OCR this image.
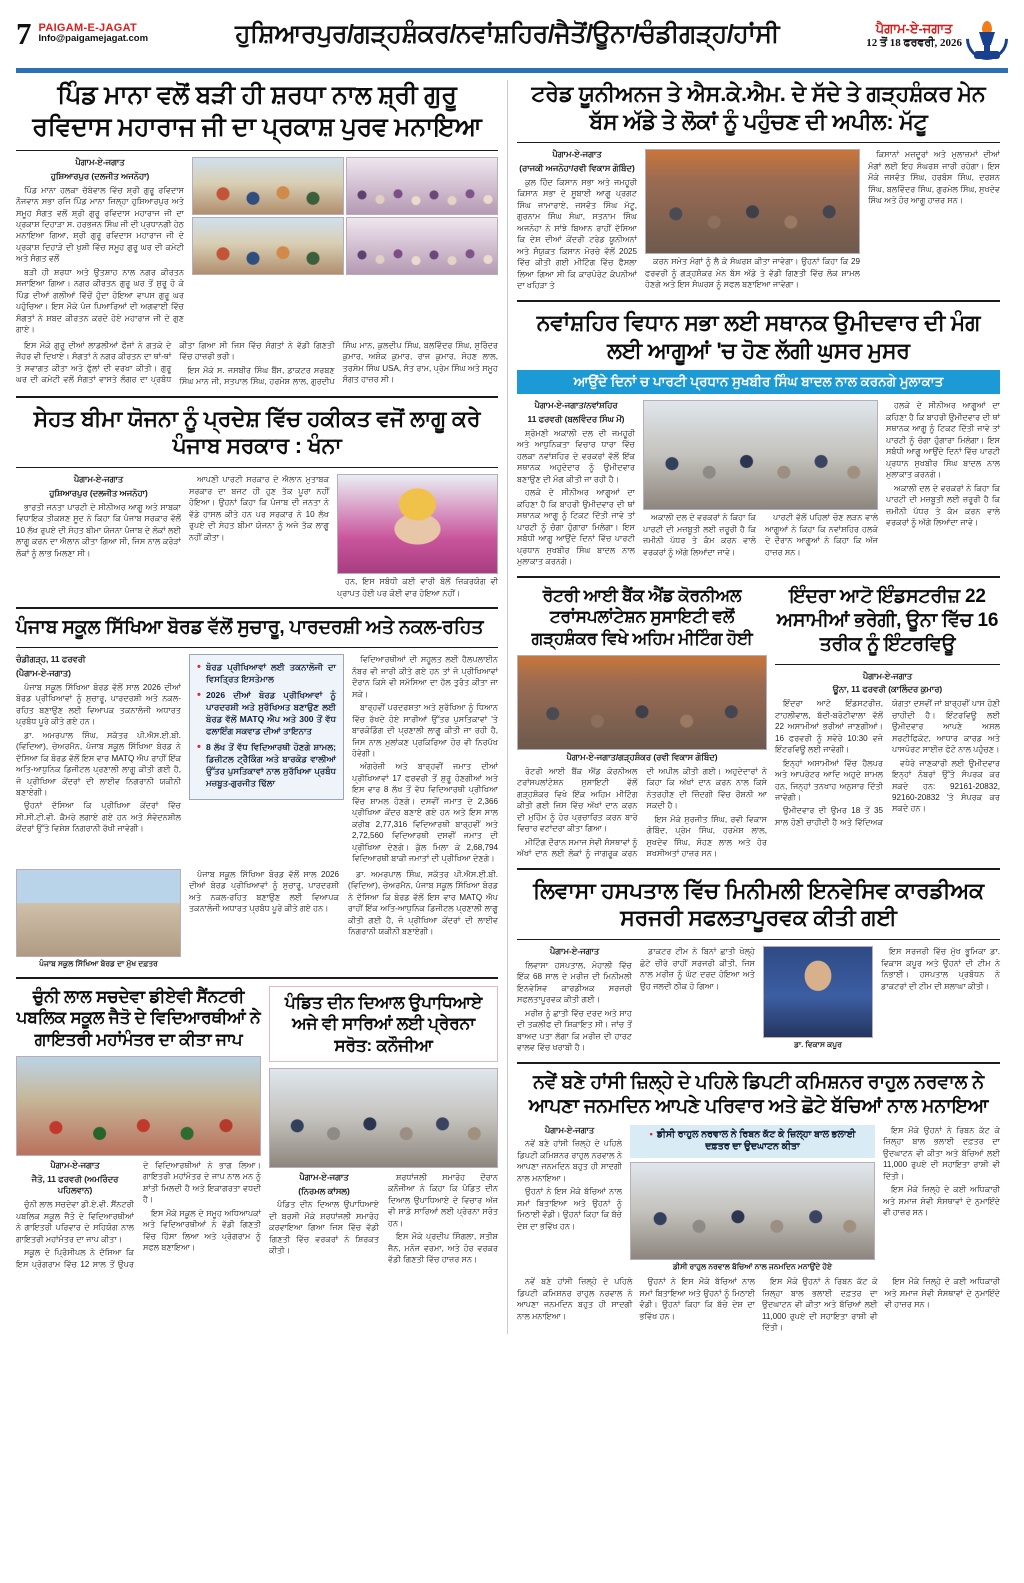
7 PAIGAM-E-JAGAT
Info@paigamejagat.com	ਹੁਸ਼ਿਆਰਪੁਰ/ਗੜ੍ਹਸ਼ੰਕਰ/ਨਵਾਂਸ਼ਹਿਰ/ਜੈਤੋਂ/ਊਨਾ/ਚੰਡੀਗੜ੍ਹ/ਹਾਂਸੀ	ਪੈਗਾਮ-ਏ-ਜਗਾਤ
12 ਤੋਂ 18 ਫਰਵਰੀ, 2026
ਪਿੰਡ ਮਾਨਾ ਵਲੋਂ ਬੜੀ ਹੀ ਸ਼ਰਧਾ ਨਾਲ ਸ਼੍ਰੀ ਗੁਰੂ ਰਵਿਦਾਸ ਮਹਾਰਾਜ ਜੀ ਦਾ ਪ੍ਰਕਾਸ਼ ਪੁਰਵ ਮਨਾਇਆ
ਪੈਗਾਮ-ਏ-ਜਗਾਤ
ਹੁਸ਼ਿਆਰਪੁਰ (ਦਲਜੀਤ ਅਜਨੋਹਾ)

ਪਿੰਡ ਮਾਨਾ ਹਲਕਾ ਚੱਬੇਵਾਲ ਵਿੱਚ ਸ਼੍ਰੀ ਗੁਰੂ ਰਵਿਦਾਸ ਨੌਜਵਾਨ ਸਭਾ ਰਜਿ ਪਿੰਡ ਮਾਨਾ ਜਿਲ੍ਹਾ ਹੁਸ਼ਿਆਰਪੁਰ ਅਤੇ ਸਮੂਹ ਸੰਗਤ ਵਲੋਂ ਸ਼੍ਰੀ ਗੁਰੂ ਰਵਿਦਾਸ ਮਹਾਰਾਜ ਜੀ ਦਾ ਪ੍ਰਕਾਸ਼ ਦਿਹਾੜਾ ਸ. ਹਰਭਜਨ ਸਿੰਘ ਜੀ ਦੀ ਪ੍ਰਧਾਨਗੀ ਹੇਠ ਮਨਾਇਆ ਗਿਆ, ਸ਼੍ਰੀ ਗੁਰੂ ਰਵਿਦਾਸ ਮਹਾਰਾਜ ਜੀ ਦੇ ਪ੍ਰਕਾਸ਼ ਦਿਹਾੜੇ ਦੀ ਖੁਸ਼ੀ ਵਿੱਚ ਸਮੂਹ ਗੁਰੂ ਘਰ ਦੀ ਕਮੇਟੀ ਅਤੇ ਸੰਗਤ ਵਲੋਂ

ਬੜੀ ਹੀ ਸ਼ਰਧਾ ਅਤੇ ਉਤਸ਼ਾਹ ਨਾਲ ਨਗਰ ਕੀਰਤਨ ਸਜਾਇਆ ਗਿਆ। ਨਗਰ ਕੀਰਤਨ ਗੁਰੂ ਘਰ ਤੋਂ ਸ਼ੁਰੂ ਹੋ ਕੇ ਪਿੰਡ ਦੀਆਂ ਗਲੀਆਂ ਵਿੱਚੋਂ ਹੁੰਦਾ ਹੋਇਆ ਵਾਪਸ ਗੁਰੂ ਘਰ ਪਹੁੰਚਿਆ। ਇਸ ਮੌਕੇ ਪੰਜ ਪਿਆਰਿਆਂ ਦੀ ਅਗਵਾਈ ਵਿੱਚ ਸੰਗਤਾਂ ਨੇ ਸ਼ਬਦ ਕੀਰਤਨ ਕਰਦੇ ਹੋਏ ਮਹਾਰਾਜ ਜੀ ਦੇ ਗੁਣ ਗਾਏ।

ਇਸ ਮੌਕੇ ਗੁਰੂ ਦੀਆਂ ਲਾਡਲੀਆਂ ਫੌਜਾਂ ਨੇ ਗਤਕੇ ਦੇ ਜੌਹਰ ਵੀ ਦਿਖਾਏ। ਸੰਗਤਾਂ ਨੇ ਨਗਰ ਕੀਰਤਨ ਦਾ ਥਾਂ-ਥਾਂ ਤੇ ਸਵਾਗਤ ਕੀਤਾ ਅਤੇ ਫੁੱਲਾਂ ਦੀ ਵਰਖਾ ਕੀਤੀ। ਗੁਰੂ ਘਰ ਦੀ ਕਮੇਟੀ ਵਲੋਂ ਸੰਗਤਾਂ ਵਾਸਤੇ ਲੰਗਰ ਦਾ ਪ੍ਰਬੰਧ ਕੀਤਾ ਗਿਆ ਸੀ ਜਿਸ ਵਿੱਚ ਸੰਗਤਾਂ ਨੇ ਵੱਡੀ ਗਿਣਤੀ ਵਿੱਚ ਹਾਜ਼ਰੀ ਭਰੀ।

ਇਸ ਮੌਕੇ ਸ. ਜਸਬੀਰ ਸਿੰਘ ਬੈਂਸ, ਡਾਕਟਰ ਸਰਬਣ ਸਿੰਘ ਮਾਨ ਜੀ, ਸਤਪਾਲ ਸਿੰਘ, ਹਰਮੇਸ਼ ਲਾਲ, ਗੁਰਦੀਪ ਸਿੰਘ ਮਾਨ, ਕੁਲਦੀਪ ਸਿੰਘ, ਬਲਵਿੰਦਰ ਸਿੰਘ, ਸੁਰਿੰਦਰ ਕੁਮਾਰ, ਅਸ਼ੋਕ ਕੁਮਾਰ, ਰਾਜ ਕੁਮਾਰ, ਸੋਹਣ ਲਾਲ, ਤਰਸੇਮ ਸਿੰਘ USA, ਸੰਤ ਰਾਮ, ਪ੍ਰੇਮ ਸਿੰਘ ਅਤੇ ਸਮੂਹ ਸੰਗਤ ਹਾਜ਼ਰ ਸੀ।

ਸੇਹਤ ਬੀਮਾ ਯੋਜਨਾ ਨੂੰ ਪ੍ਰਦੇਸ਼ ਵਿੱਚ ਹਕੀਕਤ ਵਜੋਂ ਲਾਗੂ ਕਰੇ ਪੰਜਾਬ ਸਰਕਾਰ : ਖੰਨਾ
ਪੈਗਾਮ-ਏ-ਜਗਾਤ
ਹੁਸ਼ਿਆਰਪੁਰ (ਦਲਜੀਤ ਅਜਨੋਹਾ)

ਭਾਰਤੀ ਜਨਤਾ ਪਾਰਟੀ ਦੇ ਸੀਨੀਅਰ ਆਗੂ ਅਤੇ ਸਾਬਕਾ ਵਿਧਾਇਕ ਤੀਕਸ਼ਣ ਸੂਦ ਨੇ ਕਿਹਾ ਕਿ ਪੰਜਾਬ ਸਰਕਾਰ ਵੱਲੋਂ 10 ਲੱਖ ਰੁਪਏ ਦੀ ਸੇਹਤ ਬੀਮਾ ਯੋਜਨਾ ਪੰਜਾਬ ਦੇ ਲੋਕਾਂ ਲਈ ਲਾਗੂ ਕਰਨ ਦਾ ਐਲਾਨ ਕੀਤਾ ਗਿਆ ਸੀ, ਜਿਸ ਨਾਲ ਕਰੋੜਾਂ ਲੋਕਾਂ ਨੂੰ ਲਾਭ ਮਿਲਣਾ ਸੀ।

ਆਪਣੀ ਪਾਰਟੀ ਸਰਕਾਰ ਦੇ ਐਲਾਨ ਮੁਤਾਬਕ ਸਰਕਾਰ ਦਾ ਬਜਟ ਹੀ ਹੁਣ ਤੱਕ ਪੂਰਾ ਨਹੀਂ ਹੋਇਆ। ਉਹਨਾਂ ਕਿਹਾ ਕਿ ਪੰਜਾਬ ਦੀ ਜਨਤਾ ਨੇ ਵੱਡੇ ਹਾਸਲ ਕੀਤੇ ਹਨ ਪਰ ਸਰਕਾਰ ਨੇ 10 ਲੱਖ ਰੁਪਏ ਦੀ ਸੇਹਤ ਬੀਮਾ ਯੋਜਨਾ ਨੂੰ ਅਜੇ ਤੱਕ ਲਾਗੂ ਨਹੀਂ ਕੀਤਾ।

ਹਨ, ਇਸ ਸਬੰਧੀ ਕਈ ਵਾਰੀ ਬੋਲੋਂ ਜ਼ਿਕਰਯੋਗ ਵੀ ਪ੍ਰਾਪਤ ਹੋਈ ਪਰ ਕੋਈ ਵਾਰ ਹੋਇਆ ਨਹੀਂ।

ਪੰਜਾਬ ਸਕੂਲ ਸਿੱਖਿਆ ਬੋਰਡ ਵੱਲੋਂ ਸੁਚਾਰੂ, ਪਾਰਦਰਸ਼ੀ ਅਤੇ ਨਕਲ-ਰਹਿਤ
ਚੰਡੀਗੜ੍ਹ, 11 ਫਰਵਰੀ
(ਪੈਗਾਮ-ਏ-ਜਗਾਤ)

ਪੰਜਾਬ ਸਕੂਲ ਸਿੱਖਿਆ ਬੋਰਡ ਵੱਲੋਂ ਸਾਲ 2026 ਦੀਆਂ ਬੋਰਡ ਪ੍ਰੀਖਿਆਵਾਂ ਨੂੰ ਸੁਚਾਰੂ, ਪਾਰਦਰਸ਼ੀ ਅਤੇ ਨਕਲ-ਰਹਿਤ ਬਣਾਉਣ ਲਈ ਵਿਆਪਕ ਤਕਨਾਲੋਜੀ ਅਧਾਰਤ ਪ੍ਰਬੰਧ ਪੂਰੇ ਕੀਤੇ ਗਏ ਹਨ।

ਡਾ. ਅਮਰਪਾਲ ਸਿੰਘ, ਸਕੱਤਰ ਪੀ.ਐਸ.ਈ.ਬੀ. (ਵਿਦਿਆ), ਚੇਅਰਮੈਨ, ਪੰਜਾਬ ਸਕੂਲ ਸਿੱਖਿਆ ਬੋਰਡ ਨੇ ਦੱਸਿਆ ਕਿ ਬੋਰਡ ਵੱਲੋਂ ਇਸ ਵਾਰ MATQ ਐਪ ਰਾਹੀਂ ਇੱਕ ਅਤਿ-ਆਧੁਨਿਕ ਡਿਜੀਟਲ ਪ੍ਰਣਾਲੀ ਲਾਗੂ ਕੀਤੀ ਗਈ ਹੈ, ਜੋ ਪ੍ਰੀਖਿਆ ਕੇਂਦਰਾਂ ਦੀ ਲਾਈਵ ਨਿਗਰਾਨੀ ਯਕੀਨੀ ਬਣਾਏਗੀ।

ਉਹਨਾਂ ਦੱਸਿਆ ਕਿ ਪ੍ਰੀਖਿਆ ਕੇਂਦਰਾਂ ਵਿੱਚ ਸੀ.ਸੀ.ਟੀ.ਵੀ. ਕੈਮਰੇ ਲਗਾਏ ਗਏ ਹਨ ਅਤੇ ਸੰਵੇਦਨਸ਼ੀਲ ਕੇਂਦਰਾਂ ਉੱਤੇ ਵਿਸ਼ੇਸ਼ ਨਿਗਰਾਨੀ ਰੱਖੀ ਜਾਵੇਗੀ।

• ਬੋਰਡ ਪ੍ਰੀਖਿਆਵਾਂ ਲਈ ਤਕਨਾਲੋਜੀ ਦਾ ਵਿਸਤ੍ਰਿਤ ਇਸਤੇਮਾਲ
• 2026 ਦੀਆਂ ਬੋਰਡ ਪ੍ਰੀਖਿਆਵਾਂ ਨੂੰ ਪਾਰਦਰਸ਼ੀ ਅਤੇ ਸੁਰੱਖਿਅਤ ਬਣਾਉਣ ਲਈ ਬੋਰਡ ਵੱਲੋਂ MATQ ਐਪ ਅਤੇ 300 ਤੋਂ ਵੱਧ ਫਲਾਇੰਗ ਸਕਵਾਡ ਦੀਆਂ ਤਾਇਨਾਤ
• 8 ਲੱਖ ਤੋਂ ਵੱਧ ਵਿਦਿਆਰਥੀ ਹੋਣਗੇ ਸ਼ਾਮਲ; ਡਿਜ਼ੀਟਲ ਟ੍ਰੈਕਿੰਗ ਅਤੇ ਬਾਰਕੋਡ ਵਾਲੀਆਂ ਉੱਤਰ ਪੁਸਤਿਕਾਵਾਂ ਨਾਲ ਸੁਰੱਖਿਆ ਪ੍ਰਬੰਧ ਮਜ਼ਬੂਤ-ਗੁਰਜੀਤ ਢਿੱਲਾ

ਵਿਦਿਆਰਥੀਆਂ ਦੀ ਸਹੂਲਤ ਲਈ ਹੈਲਪਲਾਈਨ ਨੰਬਰ ਵੀ ਜਾਰੀ ਕੀਤੇ ਗਏ ਹਨ ਤਾਂ ਜੋ ਪ੍ਰੀਖਿਆਵਾਂ ਦੌਰਾਨ ਕਿਸੇ ਵੀ ਸਮੱਸਿਆ ਦਾ ਹੱਲ ਤੁਰੰਤ ਕੀਤਾ ਜਾ ਸਕੇ।

ਬਾਰ੍ਹਵੀਂ ਪਰਦਰਸ਼ਤਾ ਅਤੇ ਸੁਰੱਖਿਆ ਨੂੰ ਧਿਆਨ ਵਿੱਚ ਰੱਖਦੇ ਹੋਏ ਸਾਰੀਆਂ ਉੱਤਰ ਪੁਸਤਿਕਾਵਾਂ 'ਤੇ ਬਾਰਕੋਡਿੰਗ ਦੀ ਪ੍ਰਣਾਲੀ ਲਾਗੂ ਕੀਤੀ ਜਾ ਰਹੀ ਹੈ, ਜਿਸ ਨਾਲ ਮੁਲਾਂਕਣ ਪ੍ਰਕਿਰਿਆ ਹੋਰ ਵੀ ਨਿਰਪੱਖ ਹੋਵੇਗੀ।

ਅੰਗਰੇਜ਼ੀ ਅਤੇ ਬਾਰ੍ਹਵੀਂ ਜਮਾਤ ਦੀਆਂ ਪ੍ਰੀਖਿਆਵਾਂ 17 ਫਰਵਰੀ ਤੋਂ ਸ਼ੁਰੂ ਹੋਣਗੀਆਂ ਅਤੇ ਇਸ ਵਾਰ 8 ਲੱਖ ਤੋਂ ਵੱਧ ਵਿਦਿਆਰਥੀ ਪ੍ਰੀਖਿਆ ਵਿੱਚ ਸ਼ਾਮਲ ਹੋਣਗੇ। ਦਸਵੀਂ ਜਮਾਤ ਦੇ 2,366 ਪ੍ਰੀਖਿਆ ਕੇਂਦਰ ਬਣਾਏ ਗਏ ਹਨ ਅਤੇ ਇਸ ਸਾਲ ਕਰੀਬ 2,77,316 ਵਿਦਿਆਰਥੀ ਬਾਰ੍ਹਵੀਂ ਅਤੇ 2,72,560 ਵਿਦਿਆਰਥੀ ਦਸਵੀਂ ਜਮਾਤ ਦੀ ਪ੍ਰੀਖਿਆ ਦੇਣਗੇ। ਕੁੱਲ ਮਿਲਾ ਕੇ 2,68,794 ਵਿਦਿਆਰਥੀ ਬਾਕੀ ਜਮਾਤਾਂ ਦੀ ਪ੍ਰੀਖਿਆ ਦੇਣਗੇ।

ਪੰਜਾਬ ਸਕੂਲ ਸਿੱਖਿਆ ਬੋਰਡ ਦਾ ਮੁੱਖ ਦਫ਼ਤਰ

ਪੰਜਾਬ ਸਕੂਲ ਸਿੱਖਿਆ ਬੋਰਡ ਵੱਲੋਂ ਸਾਲ 2026 ਦੀਆਂ ਬੋਰਡ ਪ੍ਰੀਖਿਆਵਾਂ ਨੂੰ ਸੁਚਾਰੂ, ਪਾਰਦਰਸ਼ੀ ਅਤੇ ਨਕਲ-ਰਹਿਤ ਬਣਾਉਣ ਲਈ ਵਿਆਪਕ ਤਕਨਾਲੋਜੀ ਅਧਾਰਤ ਪ੍ਰਬੰਧ ਪੂਰੇ ਕੀਤੇ ਗਏ ਹਨ।

ਡਾ. ਅਮਰਪਾਲ ਸਿੰਘ, ਸਕੱਤਰ ਪੀ.ਐਸ.ਈ.ਬੀ. (ਵਿਦਿਆ), ਚੇਅਰਮੈਨ, ਪੰਜਾਬ ਸਕੂਲ ਸਿੱਖਿਆ ਬੋਰਡ ਨੇ ਦੱਸਿਆ ਕਿ ਬੋਰਡ ਵੱਲੋਂ ਇਸ ਵਾਰ MATQ ਐਪ ਰਾਹੀਂ ਇੱਕ ਅਤਿ-ਆਧੁਨਿਕ ਡਿਜੀਟਲ ਪ੍ਰਣਾਲੀ ਲਾਗੂ ਕੀਤੀ ਗਈ ਹੈ, ਜੋ ਪ੍ਰੀਖਿਆ ਕੇਂਦਰਾਂ ਦੀ ਲਾਈਵ ਨਿਗਰਾਨੀ ਯਕੀਨੀ ਬਣਾਏਗੀ।

ਚੁੰਨੀ ਲਾਲ ਸਚਦੇਵਾ ਡੀਏਵੀ ਸੈਂਨਟਰੀ ਪਬਲਿਕ ਸਕੂਲ ਜੈਤੋ ਦੇ ਵਿਦਿਆਰਥੀਆਂ ਨੇ ਗਾਇਤਰੀ ਮਹਾਂਮੰਤਰ ਦਾ ਕੀਤਾ ਜਾਪ
ਪੈਗਾਮ-ਏ-ਜਗਾਤ
ਜੈਤੋ, 11 ਫਰਵਰੀ (ਅਮਰਿੰਦਰ ਪਹਿਲਵਾਨ)

ਚੁੰਨੀ ਲਾਲ ਸਚਦੇਵਾ ਡੀ.ਏ.ਵੀ. ਸੈਂਨਟਰੀ ਪਬਲਿਕ ਸਕੂਲ ਜੈਤੋ ਦੇ ਵਿਦਿਆਰਥੀਆਂ ਨੇ ਗਾਇਤਰੀ ਪਰਿਵਾਰ ਦੇ ਸਹਿਯੋਗ ਨਾਲ ਗਾਇਤਰੀ ਮਹਾਂਮੰਤਰ ਦਾ ਜਾਪ ਕੀਤਾ।

ਸਕੂਲ ਦੇ ਪ੍ਰਿੰਸੀਪਲ ਨੇ ਦੱਸਿਆ ਕਿ ਇਸ ਪ੍ਰੋਗਰਾਮ ਵਿੱਚ 12 ਸਾਲ ਤੋਂ ਉਪਰ ਦੇ ਵਿਦਿਆਰਥੀਆਂ ਨੇ ਭਾਗ ਲਿਆ। ਗਾਇਤਰੀ ਮਹਾਂਮੰਤਰ ਦੇ ਜਾਪ ਨਾਲ ਮਨ ਨੂੰ ਸ਼ਾਂਤੀ ਮਿਲਦੀ ਹੈ ਅਤੇ ਇਕਾਗਰਤਾ ਵਧਦੀ ਹੈ।

ਇਸ ਮੌਕੇ ਸਕੂਲ ਦੇ ਸਮੂਹ ਅਧਿਆਪਕਾਂ ਅਤੇ ਵਿਦਿਆਰਥੀਆਂ ਨੇ ਵੱਡੀ ਗਿਣਤੀ ਵਿੱਚ ਹਿੱਸਾ ਲਿਆ ਅਤੇ ਪ੍ਰੋਗਰਾਮ ਨੂੰ ਸਫਲ ਬਣਾਇਆ।

ਪੰਡਿਤ ਦੀਨ ਦਿਆਲ ਉਪਾਧਿਆਏ ਅਜੇ ਵੀ ਸਾਰਿਆਂ ਲਈ ਪ੍ਰੇਰਨਾ ਸਰੋਤ: ਕਨੌਜੀਆ
ਪੈਗਾਮ-ਏ-ਜਗਾਤ
(ਨਿਰਮਲ ਕਾਂਸਲ)

ਪੰਡਿਤ ਦੀਨ ਦਿਆਲ ਉਪਾਧਿਆਏ ਦੀ ਬਰਸੀ ਮੌਕੇ ਸ਼ਰਧਾਂਜਲੀ ਸਮਾਰੋਹ ਕਰਵਾਇਆ ਗਿਆ ਜਿਸ ਵਿੱਚ ਵੱਡੀ ਗਿਣਤੀ ਵਿੱਚ ਵਰਕਰਾਂ ਨੇ ਸ਼ਿਰਕਤ ਕੀਤੀ।

ਸ਼ਰਧਾਂਜਲੀ ਸਮਾਰੋਹ ਦੌਰਾਨ ਕਨੌਜੀਆ ਨੇ ਕਿਹਾ ਕਿ ਪੰਡਿਤ ਦੀਨ ਦਿਆਲ ਉਪਾਧਿਆਏ ਦੇ ਵਿਚਾਰ ਅੱਜ ਵੀ ਸਾਡੇ ਸਾਰਿਆਂ ਲਈ ਪ੍ਰੇਰਨਾ ਸਰੋਤ ਹਨ।

ਇਸ ਮੌਕੇ ਪ੍ਰਦੀਪ ਸਿੰਗਲਾ, ਸਤੀਸ਼ ਜੈਨ, ਮਨੋਜ ਵਰਮਾ, ਅਤੇ ਹੋਰ ਵਰਕਰ ਵੱਡੀ ਗਿਣਤੀ ਵਿੱਚ ਹਾਜ਼ਰ ਸਨ।

ਟਰੇਡ ਯੂਨੀਅਨਜ ਤੇ ਐਸ.ਕੇ.ਐਮ. ਦੇ ਸੱਦੇ ਤੇ ਗੜ੍ਹਸ਼ੰਕਰ ਮੇਨ ਬੱਸ ਅੱਡੇ ਤੇ ਲੋਕਾਂ ਨੂੰ ਪਹੁੰਚਣ ਦੀ ਅਪੀਲ: ਮੱਟੂ
ਪੈਗਾਮ-ਏ-ਜਗਾਤ
(ਰਾਜਕੀ ਅਜਨੋਹਾ/ਰਵੀ ਵਿਕਾਸ ਗੋਬਿੰਦ)

ਕੁਲ ਹਿੰਦ ਕਿਸਾਨ ਸਭਾ ਅਤੇ ਜਮਹੂਰੀ ਕਿਸਾਨ ਸਭਾ ਦੇ ਸੂਬਾਈ ਆਗੂ ਪ੍ਰਗਟ ਸਿੰਘ ਜਾਮਾਰਾਏ, ਜਸਵੰਤ ਸਿੰਘ ਮੱਟੂ, ਗੁਰਨਾਮ ਸਿੰਘ ਸੰਘਾ, ਸਤਨਾਮ ਸਿੰਘ ਅਜਨੋਹਾ ਨੇ ਸਾਂਝੇ ਬਿਆਨ ਰਾਹੀਂ ਦੱਸਿਆ ਕਿ ਦੇਸ਼ ਦੀਆਂ ਕੇਂਦਰੀ ਟਰੇਡ ਯੂਨੀਅਨਾਂ ਅਤੇ ਸੰਯੁਕਤ ਕਿਸਾਨ ਮੋਰਚੇ ਵੱਲੋਂ 2025 ਵਿੱਚ ਕੀਤੀ ਗਈ ਮੀਟਿੰਗ ਵਿੱਚ ਫੈਸਲਾ ਲਿਆ ਗਿਆ ਸੀ ਕਿ ਕਾਰਪੋਰੇਟ ਕੰਪਨੀਆਂ ਦਾ ਖਹਿੜਾ ਤੇ

ਕਰਨ ਸਮੇਤ ਮੰਗਾਂ ਨੂੰ ਲੈ ਕੇ ਸੰਘਰਸ਼ ਕੀਤਾ ਜਾਵੇਗਾ। ਉਹਨਾਂ ਕਿਹਾ ਕਿ 29 ਫਰਵਰੀ ਨੂੰ ਗੜ੍ਹਸ਼ੰਕਰ ਮੇਨ ਬੱਸ ਅੱਡੇ ਤੇ ਵੱਡੀ ਗਿਣਤੀ ਵਿੱਚ ਲੋਕ ਸ਼ਾਮਲ ਹੋਣਗੇ ਅਤੇ ਇਸ ਸੰਘਰਸ਼ ਨੂੰ ਸਫਲ ਬਣਾਇਆ ਜਾਵੇਗਾ।

ਕਿਸਾਨਾਂ ਮਜ਼ਦੂਰਾਂ ਅਤੇ ਮੁਲਾਜ਼ਮਾਂ ਦੀਆਂ ਮੰਗਾਂ ਲਈ ਇਹ ਸੰਘਰਸ਼ ਜਾਰੀ ਰਹੇਗਾ। ਇਸ ਮੌਕੇ ਜਸਵੰਤ ਸਿੰਘ, ਹਰਬੰਸ ਸਿੰਘ, ਦਰਸ਼ਨ ਸਿੰਘ, ਬਲਵਿੰਦਰ ਸਿੰਘ, ਗੁਰਮੇਲ ਸਿੰਘ, ਸੁਖਦੇਵ ਸਿੰਘ ਅਤੇ ਹੋਰ ਆਗੂ ਹਾਜ਼ਰ ਸਨ।

ਨਵਾਂਸ਼ਹਿਰ ਵਿਧਾਨ ਸਭਾ ਲਈ ਸਥਾਨਕ ਉਮੀਦਵਾਰ ਦੀ ਮੰਗ ਲਈ ਆਗੂਆਂ 'ਚ ਹੋਣ ਲੱਗੀ ਘੁਸਰ ਮੁਸਰ
ਆਉਂਦੇ ਦਿਨਾਂ ਚ ਪਾਰਟੀ ਪ੍ਰਧਾਨ ਸੁਖਬੀਰ ਸਿੰਘ ਬਾਦਲ ਨਾਲ ਕਰਨਗੇ ਮੁਲਾਕਾਤ
ਪੈਗਾਮ-ਏ-ਜਗਾਤ/ਨਵਾਂਸ਼ਹਿਰ
11 ਫਰਵਰੀ (ਬਲਵਿੰਦਰ ਸਿੰਘ ਮੌਂ)

ਸ਼੍ਰੋਮਣੀ ਅਕਾਲੀ ਦਲ ਦੀ ਜਮਹੂਰੀ ਅਤੇ ਆਧੁਨਿਕਤਾ ਵਿਚਾਰ ਧਾਰਾ ਵਿੱਚ ਹਲਕਾ ਨਵਾਂਸ਼ਹਿਰ ਦੇ ਵਰਕਰਾਂ ਵੱਲੋਂ ਇੱਕ ਸਥਾਨਕ ਅਹੁਦੇਦਾਰ ਨੂੰ ਉਮੀਦਵਾਰ ਬਣਾਉਣ ਦੀ ਮੰਗ ਕੀਤੀ ਜਾ ਰਹੀ ਹੈ।

ਹਲਕੇ ਦੇ ਸੀਨੀਅਰ ਆਗੂਆਂ ਦਾ ਕਹਿਣਾ ਹੈ ਕਿ ਬਾਹਰੀ ਉਮੀਦਵਾਰ ਦੀ ਥਾਂ ਸਥਾਨਕ ਆਗੂ ਨੂੰ ਟਿਕਟ ਦਿੱਤੀ ਜਾਵੇ ਤਾਂ ਪਾਰਟੀ ਨੂੰ ਚੰਗਾ ਹੁੰਗਾਰਾ ਮਿਲੇਗਾ। ਇਸ ਸਬੰਧੀ ਆਗੂ ਆਉਂਦੇ ਦਿਨਾਂ ਵਿੱਚ ਪਾਰਟੀ ਪ੍ਰਧਾਨ ਸੁਖਬੀਰ ਸਿੰਘ ਬਾਦਲ ਨਾਲ ਮੁਲਾਕਾਤ ਕਰਨਗੇ।

ਅਕਾਲੀ ਦਲ ਦੇ ਵਰਕਰਾਂ ਨੇ ਕਿਹਾ ਕਿ ਪਾਰਟੀ ਦੀ ਮਜ਼ਬੂਤੀ ਲਈ ਜ਼ਰੂਰੀ ਹੈ ਕਿ ਜ਼ਮੀਨੀ ਪੱਧਰ ਤੇ ਕੰਮ ਕਰਨ ਵਾਲੇ ਵਰਕਰਾਂ ਨੂੰ ਅੱਗੇ ਲਿਆਂਦਾ ਜਾਵੇ।

ਪਾਰਟੀ ਵੱਲੋਂ ਪਹਿਲਾਂ ਚੋਣ ਲੜਨ ਵਾਲੇ ਆਗੂਆਂ ਨੇ ਕਿਹਾ ਕਿ ਨਵਾਂਸ਼ਹਿਰ ਹਲਕੇ ਦੇ ਦੌਰਾਨ ਆਗੂਆਂ ਨੇ ਕਿਹਾ ਕਿ ਅੱਜ ਹਾਜ਼ਰ ਸਨ।

ਹਲਕੇ ਦੇ ਸੀਨੀਅਰ ਆਗੂਆਂ ਦਾ ਕਹਿਣਾ ਹੈ ਕਿ ਬਾਹਰੀ ਉਮੀਦਵਾਰ ਦੀ ਥਾਂ ਸਥਾਨਕ ਆਗੂ ਨੂੰ ਟਿਕਟ ਦਿੱਤੀ ਜਾਵੇ ਤਾਂ ਪਾਰਟੀ ਨੂੰ ਚੰਗਾ ਹੁੰਗਾਰਾ ਮਿਲੇਗਾ। ਇਸ ਸਬੰਧੀ ਆਗੂ ਆਉਂਦੇ ਦਿਨਾਂ ਵਿੱਚ ਪਾਰਟੀ ਪ੍ਰਧਾਨ ਸੁਖਬੀਰ ਸਿੰਘ ਬਾਦਲ ਨਾਲ ਮੁਲਾਕਾਤ ਕਰਨਗੇ।

ਅਕਾਲੀ ਦਲ ਦੇ ਵਰਕਰਾਂ ਨੇ ਕਿਹਾ ਕਿ ਪਾਰਟੀ ਦੀ ਮਜ਼ਬੂਤੀ ਲਈ ਜ਼ਰੂਰੀ ਹੈ ਕਿ ਜ਼ਮੀਨੀ ਪੱਧਰ ਤੇ ਕੰਮ ਕਰਨ ਵਾਲੇ ਵਰਕਰਾਂ ਨੂੰ ਅੱਗੇ ਲਿਆਂਦਾ ਜਾਵੇ।

ਰੋਟਰੀ ਆਈ ਬੈਂਕ ਐਂਡ ਕੋਰਨੀਅਲ ਟਰਾਂਸਪਲਾਂਟੇਸ਼ਨ ਸੁਸਾਇਟੀ ਵਲੋਂ ਗੜ੍ਹਸ਼ੰਕਰ ਵਿਖੇ ਅਹਿਮ ਮੀਟਿੰਗ ਹੋਈ
ਪੈਗਾਮ-ਏ-ਜਗਾਤ/ਗੜ੍ਹਸ਼ੰਕਰ (ਰਵੀ ਵਿਕਾਸ ਗੋਬਿੰਦ)

ਰੋਟਰੀ ਆਈ ਬੈਂਕ ਐਂਡ ਕੋਰਨੀਅਲ ਟਰਾਂਸਪਲਾਂਟੇਸ਼ਨ ਸੁਸਾਇਟੀ ਵੱਲੋਂ ਗੜ੍ਹਸ਼ੰਕਰ ਵਿਖੇ ਇੱਕ ਅਹਿਮ ਮੀਟਿੰਗ ਕੀਤੀ ਗਈ ਜਿਸ ਵਿੱਚ ਅੱਖਾਂ ਦਾਨ ਕਰਨ ਦੀ ਮੁਹਿੰਮ ਨੂੰ ਹੋਰ ਪ੍ਰਚਾਰਿਤ ਕਰਨ ਬਾਰੇ ਵਿਚਾਰ ਵਟਾਂਦਰਾ ਕੀਤਾ ਗਿਆ।

ਮੀਟਿੰਗ ਦੌਰਾਨ ਸਮਾਜ ਸੇਵੀ ਸੰਸਥਾਵਾਂ ਨੂੰ ਅੱਖਾਂ ਦਾਨ ਲਈ ਲੋਕਾਂ ਨੂੰ ਜਾਗਰੂਕ ਕਰਨ ਦੀ ਅਪੀਲ ਕੀਤੀ ਗਈ। ਅਹੁਦੇਦਾਰਾਂ ਨੇ ਕਿਹਾ ਕਿ ਅੱਖਾਂ ਦਾਨ ਕਰਨ ਨਾਲ ਕਿਸੇ ਨੇਤਰਹੀਣ ਦੀ ਜ਼ਿੰਦਗੀ ਵਿੱਚ ਰੌਸ਼ਨੀ ਆ ਸਕਦੀ ਹੈ।

ਇਸ ਮੌਕੇ ਸੁਰਜੀਤ ਸਿੰਘ, ਰਵੀ ਵਿਕਾਸ ਗੋਬਿੰਦ, ਪ੍ਰੇਮ ਸਿੰਘ, ਹਰਮੇਸ਼ ਲਾਲ, ਸੁਖਦੇਵ ਸਿੰਘ, ਸੋਹਣ ਲਾਲ ਅਤੇ ਹੋਰ ਸ਼ਖਸੀਅਤਾਂ ਹਾਜ਼ਰ ਸਨ।

ਇੰਦਰਾ ਆਟੋ ਇੰਡਸਟਰੀਜ਼ 22 ਅਸਾਮੀਆਂ ਭਰੇਗੀ, ਊਨਾ ਵਿੱਚ 16 ਤਰੀਕ ਨੂੰ ਇੰਟਰਵਿਊ
ਪੈਗਾਮ-ਏ-ਜਗਾਤ
ਊਨਾ, 11 ਫਰਵਰੀ (ਕਾਲਿੰਦਰ ਕੁਮਾਰ)

ਇੰਦਰਾ ਆਟੋ ਇੰਡਸਟਰੀਜ਼, ਟਾਹਲੀਵਾਲ, ਬੱਦੀ-ਬਰੋਟੀਵਾਲਾ ਵੱਲੋਂ 22 ਅਸਾਮੀਆਂ ਭਰੀਆਂ ਜਾਣਗੀਆਂ। 16 ਫਰਵਰੀ ਨੂੰ ਸਵੇਰੇ 10:30 ਵਜੇ ਇੰਟਰਵਿਊ ਲਈ ਜਾਵੇਗੀ।

ਇਨ੍ਹਾਂ ਅਸਾਮੀਆਂ ਵਿੱਚ ਹੈਲਪਰ ਅਤੇ ਆਪਰੇਟਰ ਆਦਿ ਅਹੁਦੇ ਸ਼ਾਮਲ ਹਨ, ਜਿਨ੍ਹਾਂ ਤਨਖਾਹ ਅਨੁਸਾਰ ਦਿੱਤੀ ਜਾਵੇਗੀ।

ਉਮੀਦਵਾਰ ਦੀ ਉਮਰ 18 ਤੋਂ 35 ਸਾਲ ਹੋਣੀ ਚਾਹੀਦੀ ਹੈ ਅਤੇ ਵਿੱਦਿਅਕ ਯੋਗਤਾ ਦਸਵੀਂ ਜਾਂ ਬਾਰ੍ਹਵੀਂ ਪਾਸ ਹੋਣੀ ਚਾਹੀਦੀ ਹੈ। ਇੰਟਰਵਿਊ ਲਈ ਉਮੀਦਵਾਰ ਆਪਣੇ ਅਸਲ ਸਰਟੀਫਿਕੇਟ, ਆਧਾਰ ਕਾਰਡ ਅਤੇ ਪਾਸਪੋਰਟ ਸਾਈਜ਼ ਫੋਟੋ ਨਾਲ ਪਹੁੰਚਣ।

ਵਧੇਰੇ ਜਾਣਕਾਰੀ ਲਈ ਉਮੀਦਵਾਰ ਇਨ੍ਹਾਂ ਨੰਬਰਾਂ ਉੱਤੇ ਸੰਪਰਕ ਕਰ ਸਕਦੇ ਹਨ: 92161-20832, 92160-20832 'ਤੇ ਸੰਪਰਕ ਕਰ ਸਕਦੇ ਹਨ।

ਲਿਵਾਸਾ ਹਸਪਤਾਲ ਵਿੱਚ ਮਿਨੀਮਲੀ ਇਨਵੇਸਿਵ ਕਾਰਡੀਅਕ ਸਰਜਰੀ ਸਫਲਤਾਪੂਰਵਕ ਕੀਤੀ ਗਈ
ਪੈਗਾਮ-ਏ-ਜਗਾਤ

ਲਿਵਾਸਾ ਹਸਪਤਾਲ, ਮੋਹਾਲੀ ਵਿੱਚ ਇੱਕ 68 ਸਾਲ ਦੇ ਮਰੀਜ਼ ਦੀ ਮਿਨੀਮਲੀ ਇਨਵੇਸਿਵ ਕਾਰਡੀਅਕ ਸਰਜਰੀ ਸਫਲਤਾਪੂਰਵਕ ਕੀਤੀ ਗਈ।

ਮਰੀਜ਼ ਨੂੰ ਛਾਤੀ ਵਿੱਚ ਦਰਦ ਅਤੇ ਸਾਹ ਦੀ ਤਕਲੀਫ ਦੀ ਸ਼ਿਕਾਇਤ ਸੀ। ਜਾਂਚ ਤੋਂ ਬਾਅਦ ਪਤਾ ਲੱਗਾ ਕਿ ਮਰੀਜ਼ ਦੀ ਹਾਰਟ ਵਾਲਵ ਵਿੱਚ ਖਰਾਬੀ ਹੈ।

ਡਾਕਟਰ ਟੀਮ ਨੇ ਬਿਨਾਂ ਛਾਤੀ ਖੋਲ੍ਹੇ ਛੋਟੇ ਚੀਰੇ ਰਾਹੀਂ ਸਰਜਰੀ ਕੀਤੀ, ਜਿਸ ਨਾਲ ਮਰੀਜ਼ ਨੂੰ ਘੱਟ ਦਰਦ ਹੋਇਆ ਅਤੇ ਉਹ ਜਲਦੀ ਠੀਕ ਹੋ ਗਿਆ।

ਡਾ. ਵਿਕਾਸ ਕਪੂਰ

ਇਸ ਸਰਜਰੀ ਵਿੱਚ ਮੁੱਖ ਭੂਮਿਕਾ ਡਾ. ਵਿਕਾਸ ਕਪੂਰ ਅਤੇ ਉਹਨਾਂ ਦੀ ਟੀਮ ਨੇ ਨਿਭਾਈ। ਹਸਪਤਾਲ ਪ੍ਰਬੰਧਨ ਨੇ ਡਾਕਟਰਾਂ ਦੀ ਟੀਮ ਦੀ ਸ਼ਲਾਘਾ ਕੀਤੀ।

ਨਵੇਂ ਬਣੇ ਹਾਂਸੀ ਜ਼ਿਲ੍ਹੇ ਦੇ ਪਹਿਲੇ ਡਿਪਟੀ ਕਮਿਸ਼ਨਰ ਰਾਹੁਲ ਨਰਵਾਲ ਨੇ ਆਪਣਾ ਜਨਮਦਿਨ ਆਪਣੇ ਪਰਿਵਾਰ ਅਤੇ ਛੋਟੇ ਬੱਚਿਆਂ ਨਾਲ ਮਨਾਇਆ
ਪੈਗਾਮ-ਏ-ਜਗਾਤ

ਨਵੇਂ ਬਣੇ ਹਾਂਸੀ ਜ਼ਿਲ੍ਹੇ ਦੇ ਪਹਿਲੇ ਡਿਪਟੀ ਕਮਿਸ਼ਨਰ ਰਾਹੁਲ ਨਰਵਾਲ ਨੇ ਆਪਣਾ ਜਨਮਦਿਨ ਬਹੁਤ ਹੀ ਸਾਦਗੀ ਨਾਲ ਮਨਾਇਆ।

ਉਹਨਾਂ ਨੇ ਇਸ ਮੌਕੇ ਬੱਚਿਆਂ ਨਾਲ ਸਮਾਂ ਬਿਤਾਇਆ ਅਤੇ ਉਹਨਾਂ ਨੂੰ ਮਿਠਾਈ ਵੰਡੀ। ਉਹਨਾਂ ਕਿਹਾ ਕਿ ਬੱਚੇ ਦੇਸ਼ ਦਾ ਭਵਿੱਖ ਹਨ।

• ਡੀਸੀ ਰਾਹੁਲ ਨਰਵਾਲ ਨੇ ਰਿਬਨ ਕੱਟ ਕੇ ਜ਼ਿਲ੍ਹਾ ਬਾਲ ਭਲਾਈ ਦਫ਼ਤਰ ਦਾ ਉਦਘਾਟਨ ਕੀਤਾ
ਡੀਸੀ ਰਾਹੁਲ ਨਰਵਾਲ ਬੱਚਿਆਂ ਨਾਲ ਜਨਮਦਿਨ ਮਨਾਉਂਦੇ ਹੋਏ

ਇਸ ਮੌਕੇ ਉਹਨਾਂ ਨੇ ਰਿਬਨ ਕੱਟ ਕੇ ਜ਼ਿਲ੍ਹਾ ਬਾਲ ਭਲਾਈ ਦਫ਼ਤਰ ਦਾ ਉਦਘਾਟਨ ਵੀ ਕੀਤਾ ਅਤੇ ਬੱਚਿਆਂ ਲਈ 11,000 ਰੁਪਏ ਦੀ ਸਹਾਇਤਾ ਰਾਸ਼ੀ ਵੀ ਦਿੱਤੀ।

ਇਸ ਮੌਕੇ ਜ਼ਿਲ੍ਹੇ ਦੇ ਕਈ ਅਧਿਕਾਰੀ ਅਤੇ ਸਮਾਜ ਸੇਵੀ ਸੰਸਥਾਵਾਂ ਦੇ ਨੁਮਾਇੰਦੇ ਵੀ ਹਾਜ਼ਰ ਸਨ।

ਨਵੇਂ ਬਣੇ ਹਾਂਸੀ ਜ਼ਿਲ੍ਹੇ ਦੇ ਪਹਿਲੇ ਡਿਪਟੀ ਕਮਿਸ਼ਨਰ ਰਾਹੁਲ ਨਰਵਾਲ ਨੇ ਆਪਣਾ ਜਨਮਦਿਨ ਬਹੁਤ ਹੀ ਸਾਦਗੀ ਨਾਲ ਮਨਾਇਆ।

ਉਹਨਾਂ ਨੇ ਇਸ ਮੌਕੇ ਬੱਚਿਆਂ ਨਾਲ ਸਮਾਂ ਬਿਤਾਇਆ ਅਤੇ ਉਹਨਾਂ ਨੂੰ ਮਿਠਾਈ ਵੰਡੀ। ਉਹਨਾਂ ਕਿਹਾ ਕਿ ਬੱਚੇ ਦੇਸ਼ ਦਾ ਭਵਿੱਖ ਹਨ।

ਇਸ ਮੌਕੇ ਉਹਨਾਂ ਨੇ ਰਿਬਨ ਕੱਟ ਕੇ ਜ਼ਿਲ੍ਹਾ ਬਾਲ ਭਲਾਈ ਦਫ਼ਤਰ ਦਾ ਉਦਘਾਟਨ ਵੀ ਕੀਤਾ ਅਤੇ ਬੱਚਿਆਂ ਲਈ 11,000 ਰੁਪਏ ਦੀ ਸਹਾਇਤਾ ਰਾਸ਼ੀ ਵੀ ਦਿੱਤੀ।

ਇਸ ਮੌਕੇ ਜ਼ਿਲ੍ਹੇ ਦੇ ਕਈ ਅਧਿਕਾਰੀ ਅਤੇ ਸਮਾਜ ਸੇਵੀ ਸੰਸਥਾਵਾਂ ਦੇ ਨੁਮਾਇੰਦੇ ਵੀ ਹਾਜ਼ਰ ਸਨ।
